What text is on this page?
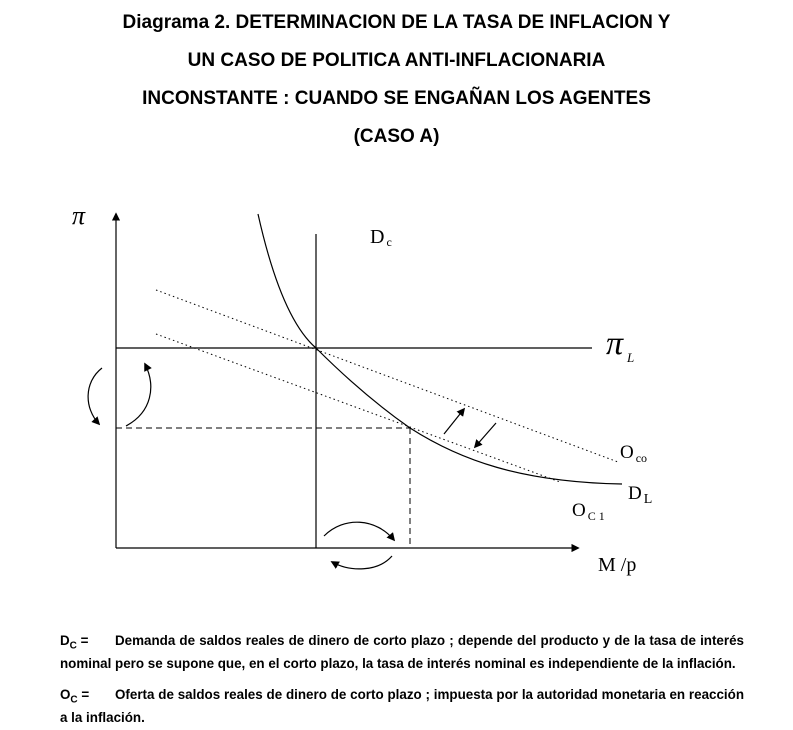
Diagrama 2. DETERMINACION DE LA TASA DE INFLACION Y
UN CASO DE POLITICA ANTI-INFLACIONARIA
INCONSTANTE : CUANDO SE ENGAÑAN LOS AGENTES
(CASO A)
π
M /p
π $_L$
Dc
O $_{co}$
D $_L$
O $_{C 1}$
$D_C$ = Demanda de saldos reales de dinero de corto plazo ; depende del producto y de la tasa de interés nominal pero se supone que, en el corto plazo, la tasa de interés nominal es independiente de la inflación.
$O_C$ = Oferta de saldos reales de dinero de corto plazo ; impuesta por la autoridad monetaria en reacción a la inflación.
